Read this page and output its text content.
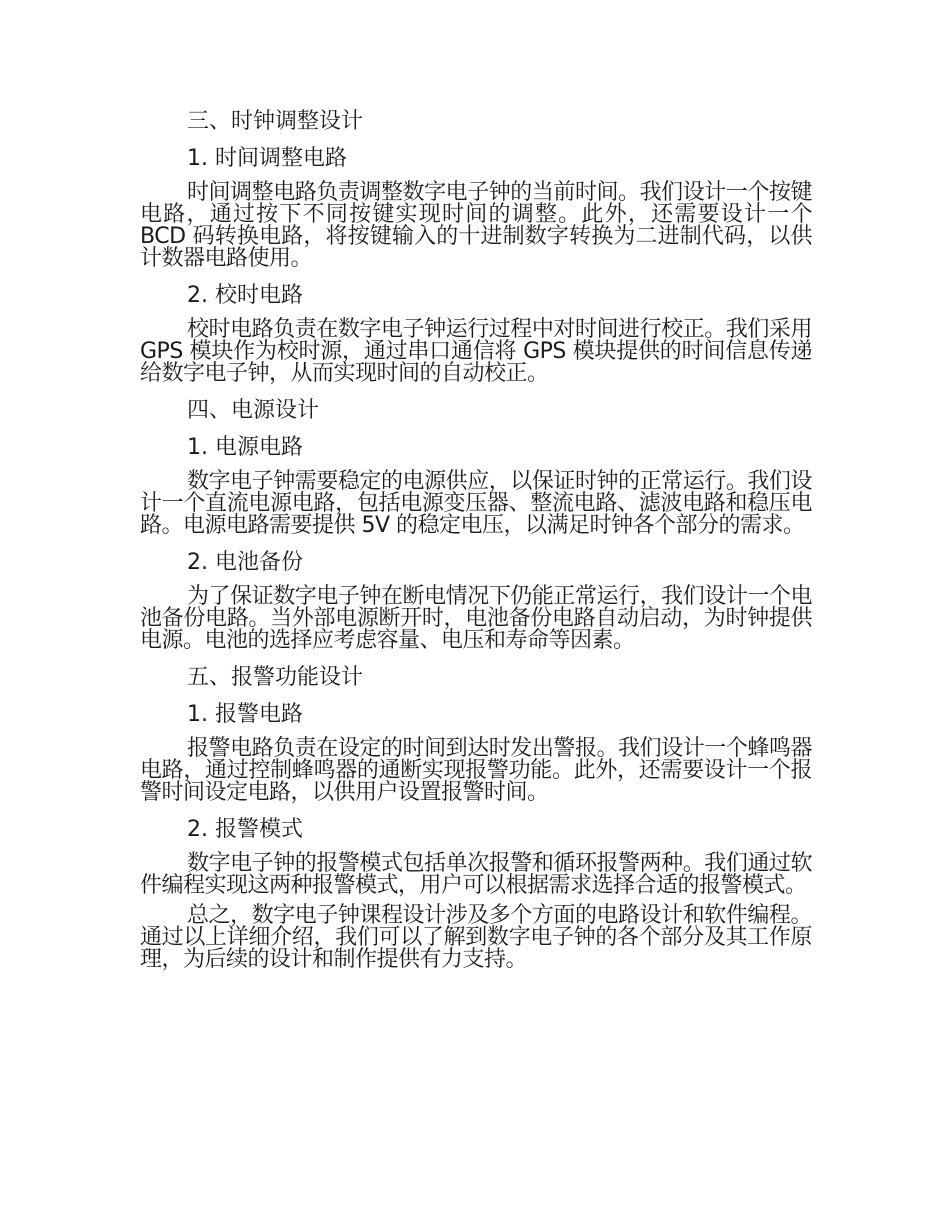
三、时钟调整设计
1. 时间调整电路

时间调整电路负责调整数字电子钟的当前时间。我们设计一个按键电路，通过按下不同按键实现时间的调整。此外，还需要设计一个 BCD 码转换电路，将按键输入的十进制数字转换为二进制代码，以供计数器电路使用。

2. 校时电路

校时电路负责在数字电子钟运行过程中对时间进行校正。我们采用 GPS 模块作为校时源，通过串口通信将 GPS 模块提供的时间信息传递给数字电子钟，从而实现时间的自动校正。

四、电源设计
1. 电源电路

数字电子钟需要稳定的电源供应，以保证时钟的正常运行。我们设计一个直流电源电路，包括电源变压器、整流电路、滤波电路和稳压电路。电源电路需要提供 5V 的稳定电压，以满足时钟各个部分的需求。

2. 电池备份

为了保证数字电子钟在断电情况下仍能正常运行，我们设计一个电池备份电路。当外部电源断开时，电池备份电路自动启动，为时钟提供电源。电池的选择应考虑容量、电压和寿命等因素。

五、报警功能设计
1. 报警电路

报警电路负责在设定的时间到达时发出警报。我们设计一个蜂鸣器电路，通过控制蜂鸣器的通断实现报警功能。此外，还需要设计一个报警时间设定电路，以供用户设置报警时间。

2. 报警模式

数字电子钟的报警模式包括单次报警和循环报警两种。我们通过软件编程实现这两种报警模式，用户可以根据需求选择合适的报警模式。

总之，数字电子钟课程设计涉及多个方面的电路设计和软件编程。通过以上详细介绍，我们可以了解到数字电子钟的各个部分及其工作原理，为后续的设计和制作提供有力支持。
